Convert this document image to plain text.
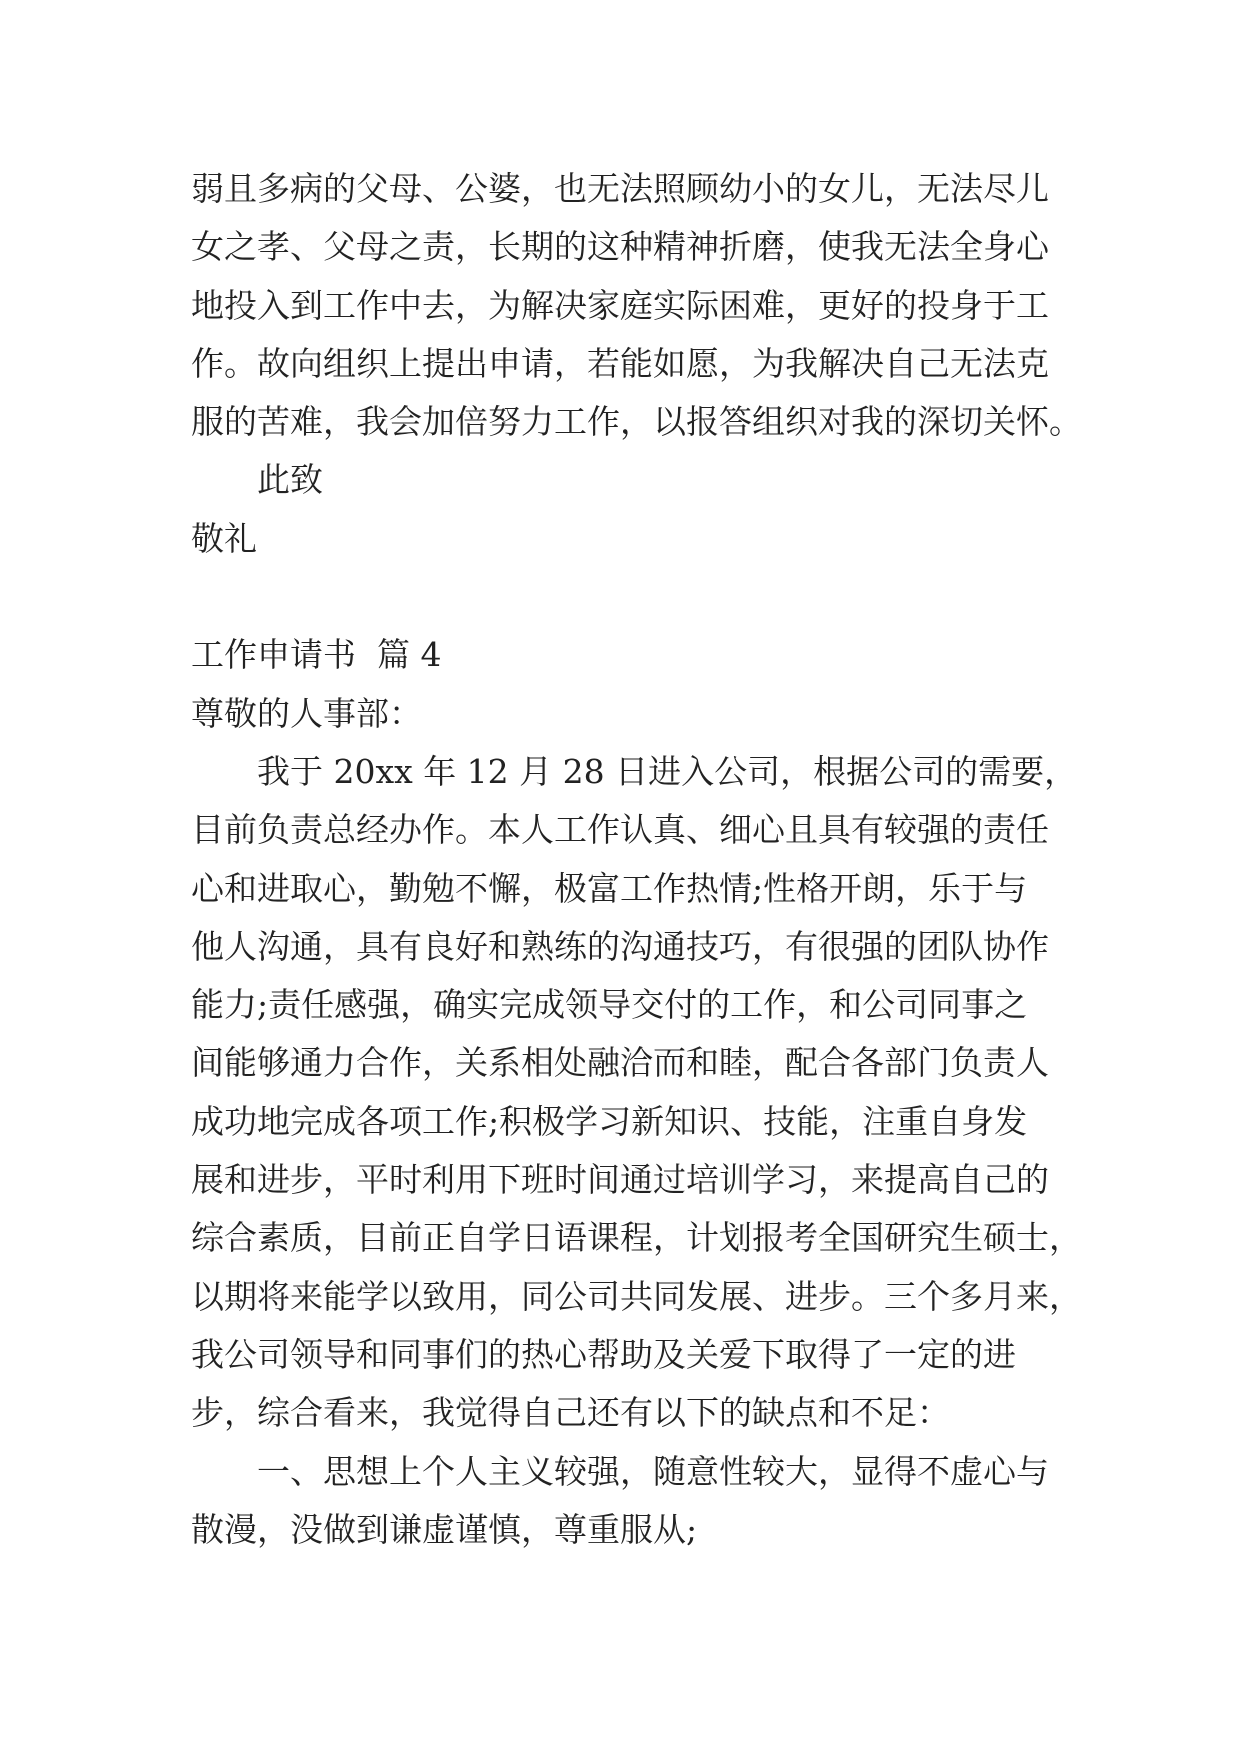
弱且多病的父母、公婆，也无法照顾幼小的女儿，无法尽儿
女之孝、父母之责，长期的这种精神折磨，使我无法全身心
地投入到工作中去，为解决家庭实际困难，更好的投身于工
作。故向组织上提出申请，若能如愿，为我解决自己无法克
服的苦难，我会加倍努力工作，以报答组织对我的深切关怀。
此致
敬礼
工作申请书  篇 4
尊敬的人事部：
我于 20xx 年 12 月 28 日进入公司，根据公司的需要，
目前负责总经办作。本人工作认真、细心且具有较强的责任
心和进取心，勤勉不懈，极富工作热情;性格开朗，乐于与
他人沟通，具有良好和熟练的沟通技巧，有很强的团队协作
能力;责任感强，确实完成领导交付的工作，和公司同事之
间能够通力合作，关系相处融洽而和睦，配合各部门负责人
成功地完成各项工作;积极学习新知识、技能，注重自身发
展和进步，平时利用下班时间通过培训学习，来提高自己的
综合素质，目前正自学日语课程，计划报考全国研究生硕士，
以期将来能学以致用，同公司共同发展、进步。三个多月来，
我公司领导和同事们的热心帮助及关爱下取得了一定的进
步，综合看来，我觉得自己还有以下的缺点和不足：
一、思想上个人主义较强，随意性较大，显得不虚心与
散漫，没做到谦虚谨慎，尊重服从;
